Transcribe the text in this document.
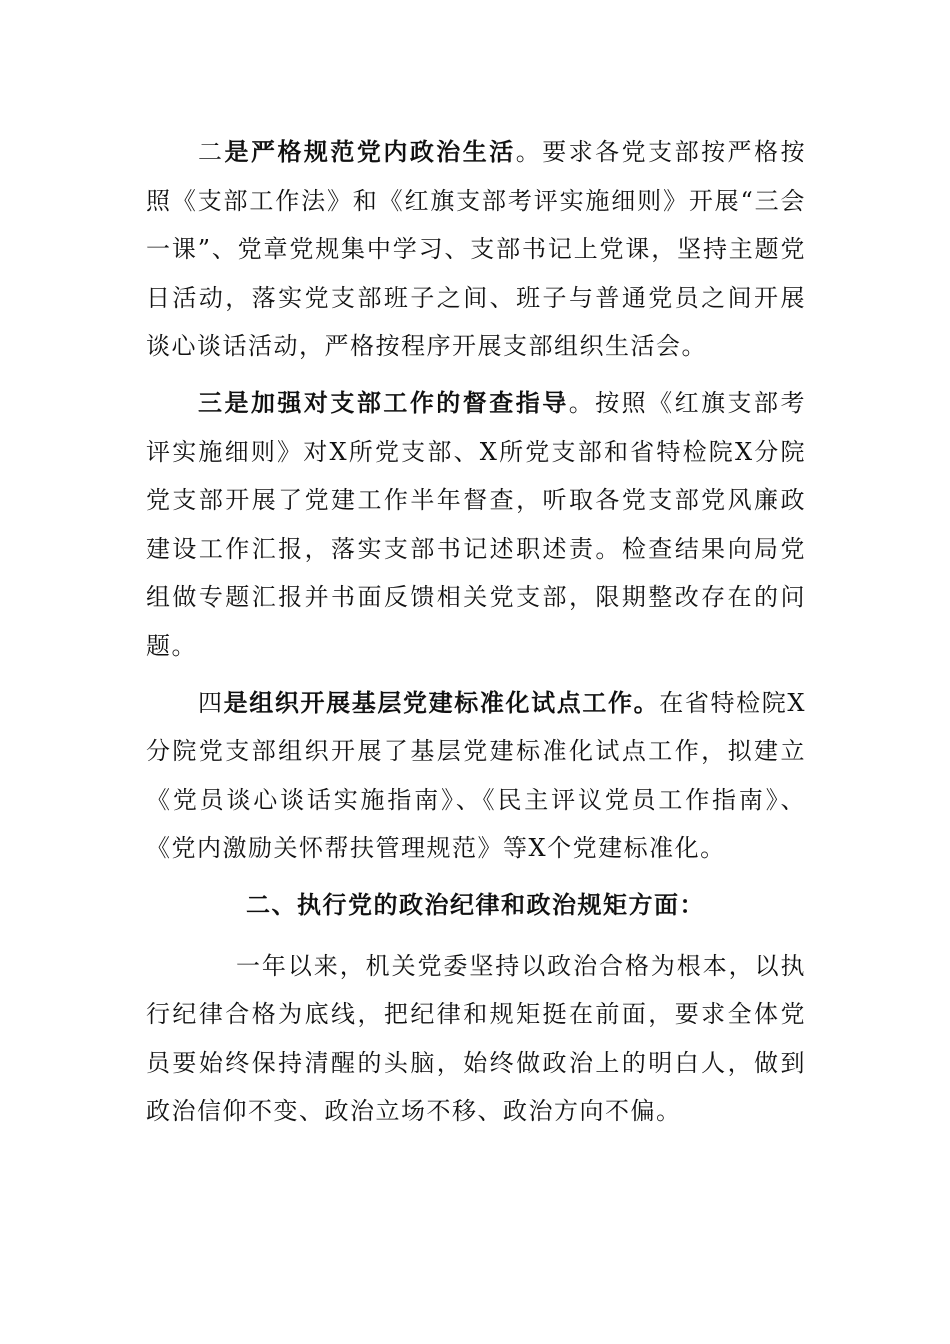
二是严格规范党内政治生活。要求各党支部按严格按照《支部工作法》和《红旗支部考评实施细则》开展“三会一课”、党章党规集中学习、支部书记上党课，坚持主题党日活动，落实党支部班子之间、班子与普通党员之间开展谈心谈话活动，严格按程序开展支部组织生活会。

三是加强对支部工作的督查指导。按照《红旗支部考评实施细则》对X所党支部、X所党支部和省特检院X分院党支部开展了党建工作半年督查，听取各党支部党风廉政建设工作汇报，落实支部书记述职述责。检查结果向局党组做专题汇报并书面反馈相关党支部，限期整改存在的问题。

四是组织开展基层党建标准化试点工作。在省特检院X分院党支部组织开展了基层党建标准化试点工作，拟建立《党员谈心谈话实施指南》、《民主评议党员工作指南》、《党内激励关怀帮扶管理规范》等X个党建标准化。

二、执行党的政治纪律和政治规矩方面：

一年以来，机关党委坚持以政治合格为根本，以执行纪律合格为底线，把纪律和规矩挺在前面，要求全体党员要始终保持清醒的头脑，始终做政治上的明白人，做到政治信仰不变、政治立场不移、政治方向不偏。
